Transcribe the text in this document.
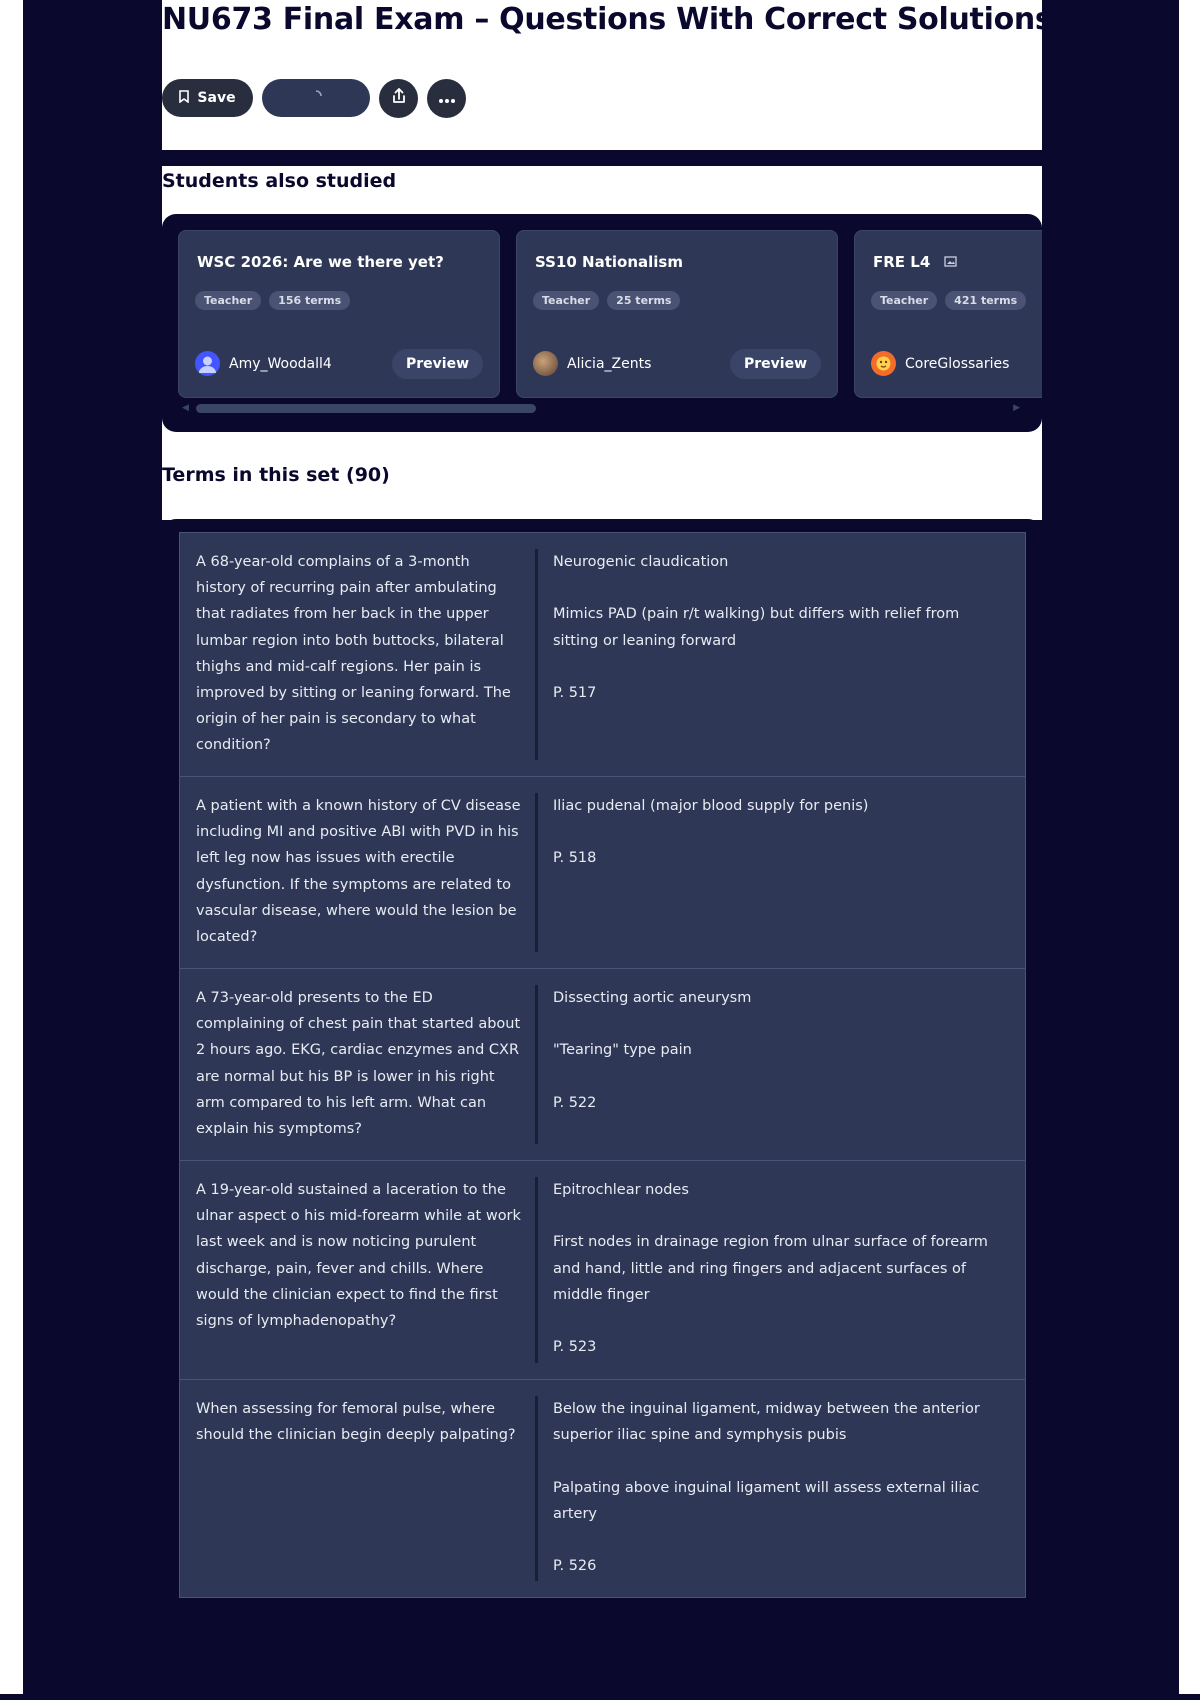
NU673 Final Exam – Questions With Correct Solutions
Save
Students also studied
WSC 2026: Are we there yet?
Teacher	156 terms
Amy_Woodall4	Preview
SS10 Nationalism
Teacher	25 terms
Alicia_Zents	Preview
FRE L4
Teacher	421 terms
CoreGlossaries
◀	▶
Terms in this set (90)
A 68-year-old complains of a 3-month history of recurring pain after ambulating that radiates from her back in the upper lumbar region into both buttocks, bilateral thighs and mid-calf regions. Her pain is improved by sitting or leaning forward. The origin of her pain is secondary to what condition?

Neurogenic claudication

Mimics PAD (pain r/t walking) but differs with relief from sitting or leaning forward

P. 517

A patient with a known history of CV disease including MI and positive ABI with PVD in his left leg now has issues with erectile dysfunction. If the symptoms are related to vascular disease, where would the lesion be located?

Iliac pudenal (major blood supply for penis)

P. 518

A 73-year-old presents to the ED complaining of chest pain that started about 2 hours ago. EKG, cardiac enzymes and CXR are normal but his BP is lower in his right arm compared to his left arm. What can explain his symptoms?

Dissecting aortic aneurysm

"Tearing" type pain

P. 522

A 19-year-old sustained a laceration to the ulnar aspect o his mid-forearm while at work last week and is now noticing purulent discharge, pain, fever and chills. Where would the clinician expect to find the first signs of lymphadenopathy?

Epitrochlear nodes

First nodes in drainage region from ulnar surface of forearm and hand, little and ring fingers and adjacent surfaces of middle finger

P. 523

When assessing for femoral pulse, where should the clinician begin deeply palpating?

Below the inguinal ligament, midway between the anterior superior iliac spine and symphysis pubis

Palpating above inguinal ligament will assess external iliac artery

P. 526
